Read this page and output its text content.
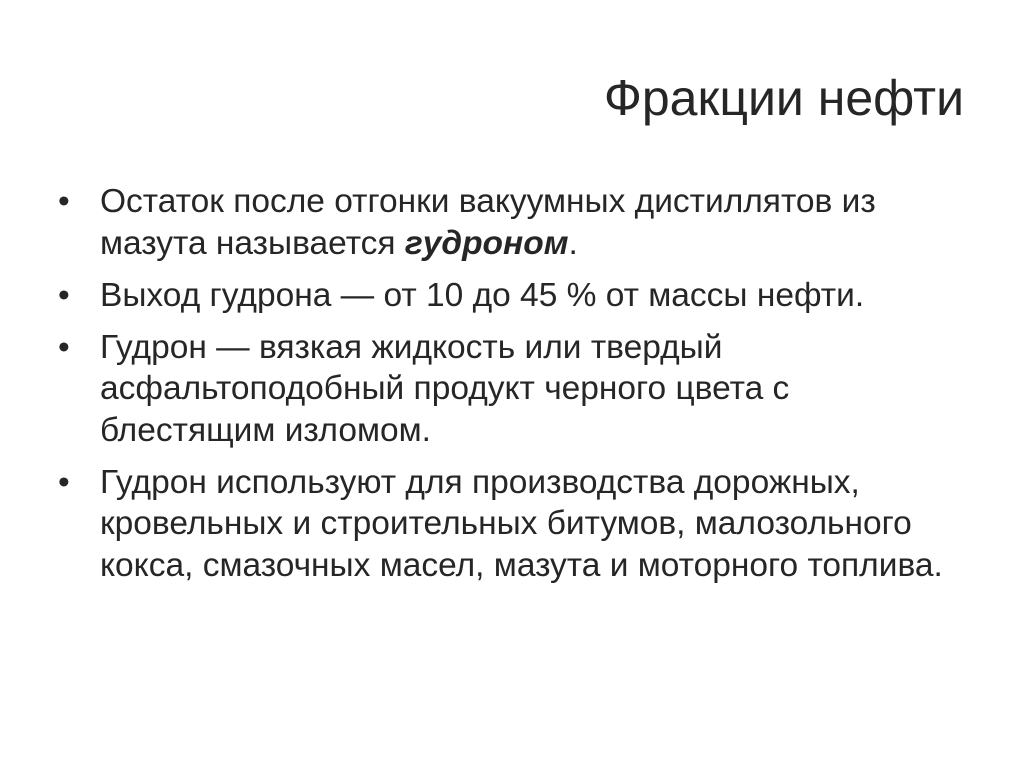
Фракции нефти
• Остаток после отгонки вакуумных дистиллятов из мазута называется гудроном.
• Выход гудрона — от 10 до 45 % от массы нефти.
• Гудрон — вязкая жидкость или твердый асфальтоподобный продукт черного цвета с блестящим изломом.
• Гудрон используют для производства дорожных, кровельных и строительных битумов, малозольного кокса, смазочных масел, мазута и моторного топлива.
